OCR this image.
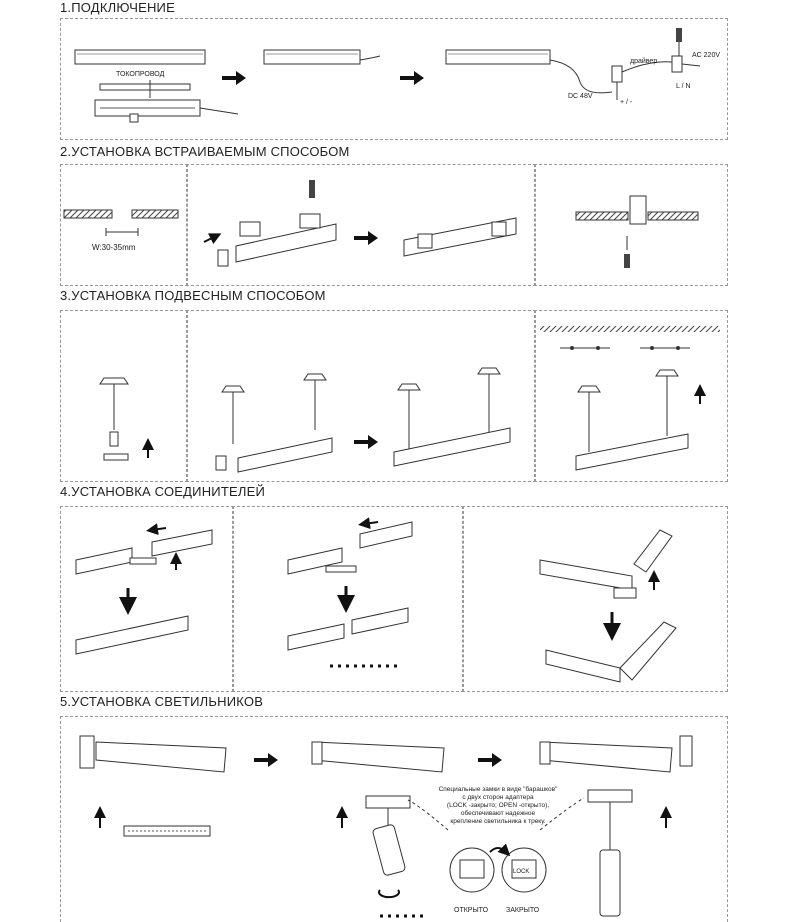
1.ПОДКЛЮЧЕНИЕ
2.УСТАНОВКА ВСТРАИВАЕМЫМ СПОСОБОМ
3.УСТАНОВКА ПОДВЕСНЫМ СПОСОБОМ
4.УСТАНОВКА СОЕДИНИТЕЛЕЙ
5.УСТАНОВКА СВЕТИЛЬНИКОВ
ТОКОПРОВОД
драйвер
AC 220V
DC 48V
+ / -
L / N
W:30-35mm
LOCK
Специальные замки в виде "барашков"
с двух сторон адаптера
(LOCK -закрыто; OPEN -открыто),
обеспечивают надежное
крепление светильника к треку.
ОТКРЫТО	ЗАКРЫТО
